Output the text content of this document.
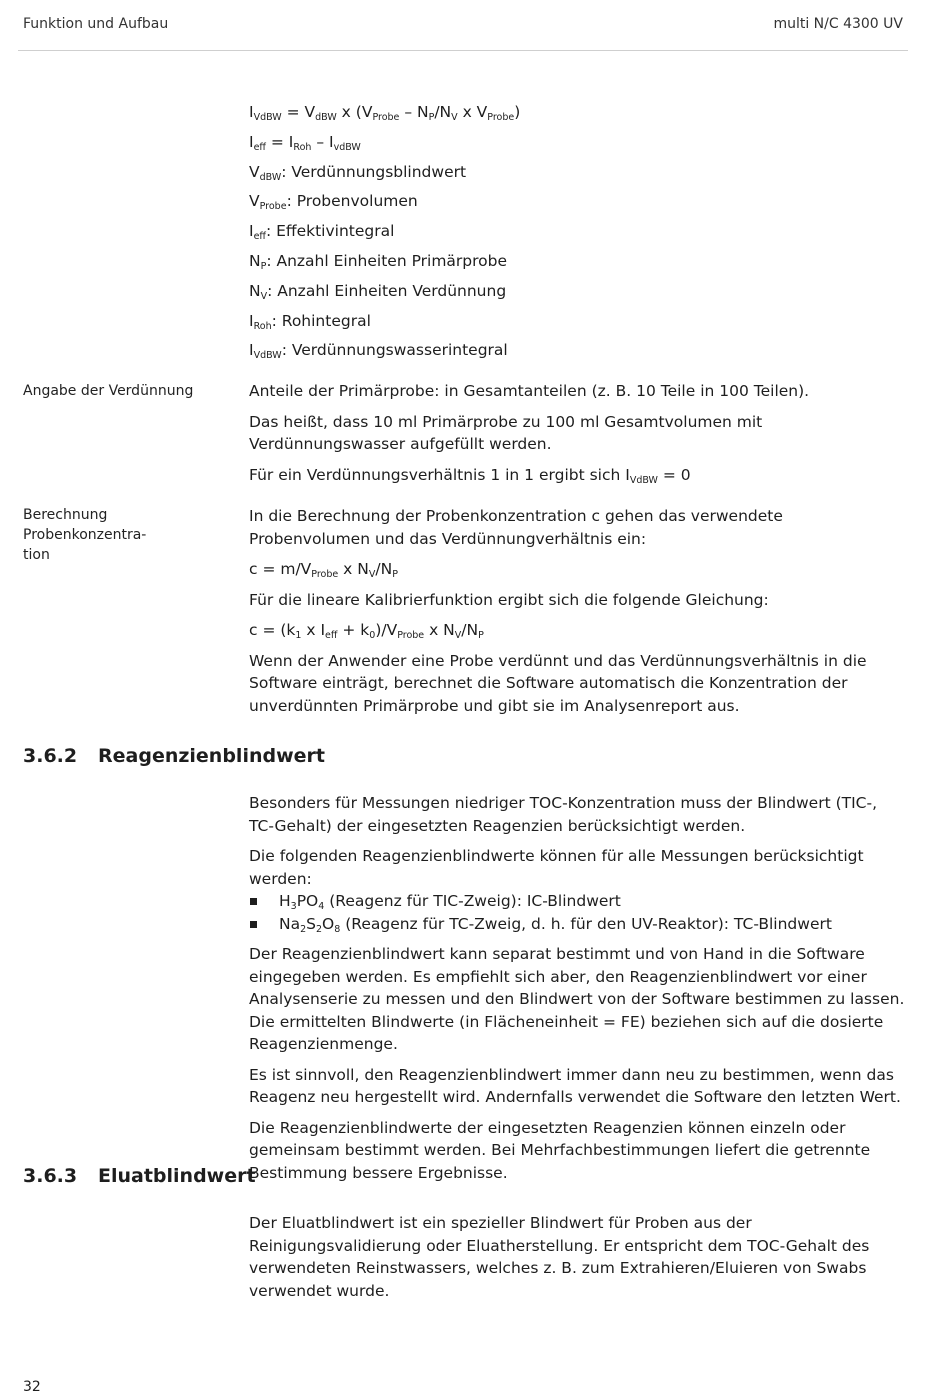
Funktion und Aufbau	multi N/C 4300 UV
IVdBW = VdBW x (VProbe – NP/NV x VProbe)
Ieff = IRoh – IvdBW
VdBW: Verdünnungsblindwert
VProbe: Probenvolumen
Ieff: Effektivintegral
NP: Anzahl Einheiten Primärprobe
NV: Anzahl Einheiten Verdünnung
IRoh: Rohintegral
IVdBW: Verdünnungswasserintegral
Angabe der Verdünnung	Anteile der Primärprobe: in Gesamtanteilen (z. B. 10 Teile in 100 Teilen).

Das heißt, dass 10 ml Primärprobe zu 100 ml Gesamtvolumen mit Verdünnungswasser aufgefüllt werden.

Für ein Verdünnungsverhältnis 1 in 1 ergibt sich IVdBW = 0

Berechnung Probenkonzentra-
tion

In die Berechnung der Probenkonzentration c gehen das verwendete Probenvolumen und das Verdünnungverhältnis ein:

c = m/VProbe x NV/NP

Für die lineare Kalibrierfunktion ergibt sich die folgende Gleichung:

c = (k1 x Ieff + k0)/VProbe x NV/NP

Wenn der Anwender eine Probe verdünnt und das Verdünnungsverhältnis in die Software einträgt, berechnet die Software automatisch die Konzentration der unverdünnten Primärprobe und gibt sie im Analysenreport aus.

3.6.2 Reagenzienblindwert

Besonders für Messungen niedriger TOC-Konzentration muss der Blindwert (TIC-, TC-Gehalt) der eingesetzten Reagenzien berücksichtigt werden.

Die folgenden Reagenzienblindwerte können für alle Messungen berücksichtigt werden:

H3PO4 (Reagenz für TIC-Zweig): IC-Blindwert
Na2S2O8 (Reagenz für TC-Zweig, d. h. für den UV-Reaktor): TC-Blindwert

Der Reagenzienblindwert kann separat bestimmt und von Hand in die Software eingegeben werden. Es empfiehlt sich aber, den Reagenzienblindwert vor einer Analysenserie zu messen und den Blindwert von der Software bestimmen zu lassen. Die ermittelten Blindwerte (in Flächeneinheit = FE) beziehen sich auf die dosierte Reagenzienmenge.

Es ist sinnvoll, den Reagenzienblindwert immer dann neu zu bestimmen, wenn das Reagenz neu hergestellt wird. Andernfalls verwendet die Software den letzten Wert.

Die Reagenzienblindwerte der eingesetzten Reagenzien können einzeln oder gemeinsam bestimmt werden. Bei Mehrfachbestimmungen liefert die getrennte Bestimmung bessere Ergebnisse.

3.6.3 Eluatblindwert

Der Eluatblindwert ist ein spezieller Blindwert für Proben aus der Reinigungsvalidierung oder Eluatherstellung. Er entspricht dem TOC-Gehalt des verwendeten Reinstwassers, welches z. B. zum Extrahieren/Eluieren von Swabs verwendet wurde.

32
